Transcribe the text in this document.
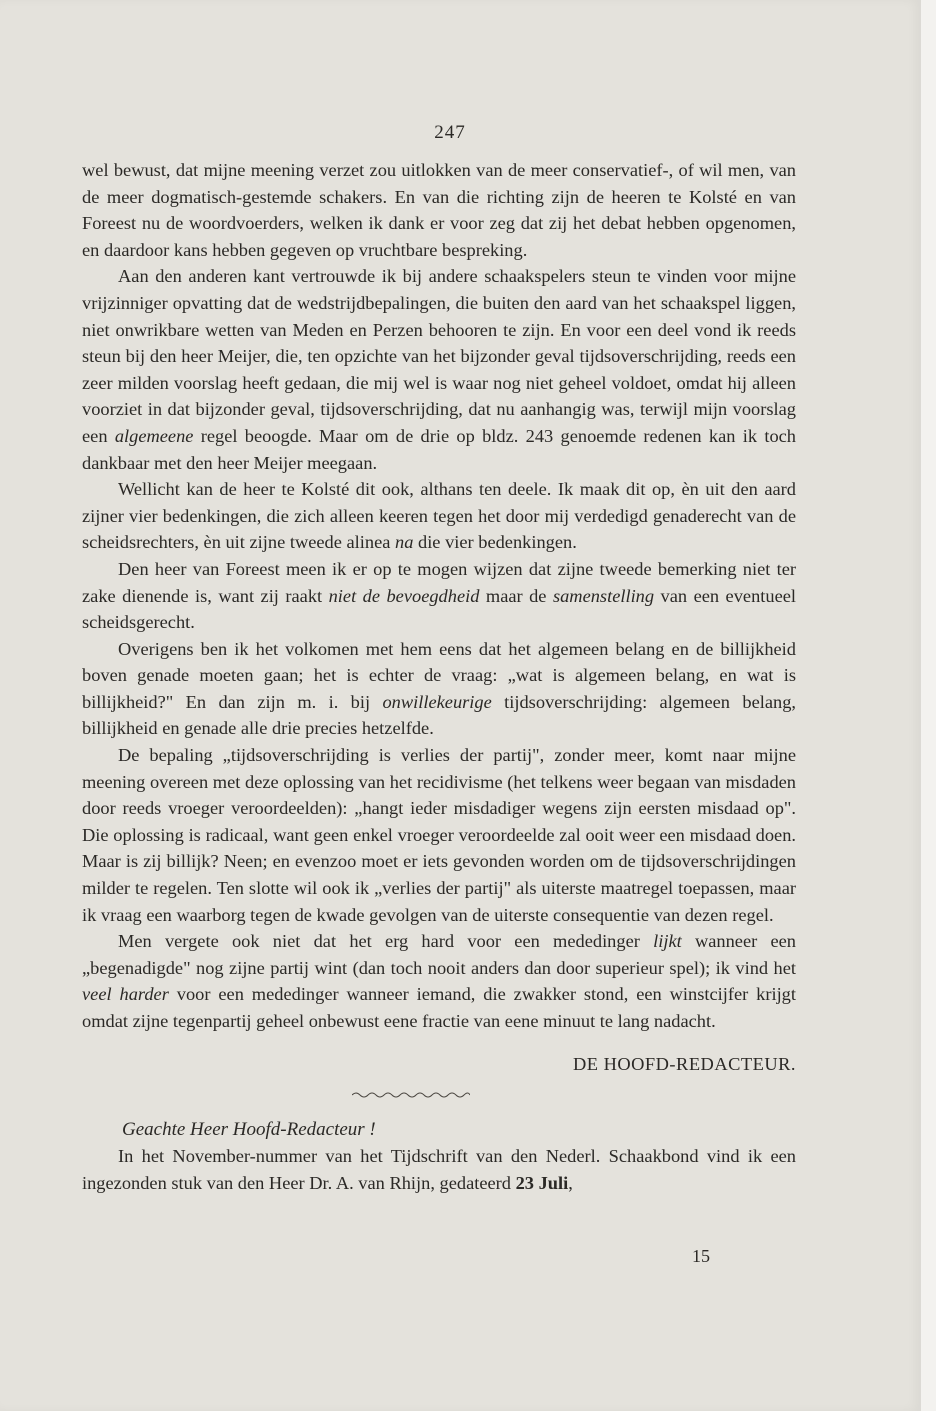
247

wel bewust, dat mijne meening verzet zou uitlokken van de meer conservatief-, of wil men, van de meer dogmatisch-gestemde schakers. En van die richting zijn de heeren te Kolsté en van Foreest nu de woordvoerders, welken ik dank er voor zeg dat zij het debat hebben opgenomen, en daardoor kans hebben gegeven op vruchtbare bespreking.

Aan den anderen kant vertrouwde ik bij andere schaakspelers steun te vinden voor mijne vrijzinniger opvatting dat de wedstrijdbepalingen, die buiten den aard van het schaakspel liggen, niet onwrikbare wetten van Meden en Perzen behooren te zijn. En voor een deel vond ik reeds steun bij den heer Meijer, die, ten opzichte van het bijzonder geval tijdsoverschrijding, reeds een zeer milden voorslag heeft gedaan, die mij wel is waar nog niet geheel voldoet, omdat hij alleen voorziet in dat bijzonder geval, tijdsoverschrijding, dat nu aanhangig was, terwijl mijn voorslag een algemeene regel beoogde. Maar om de drie op bldz. 243 genoemde redenen kan ik toch dankbaar met den heer Meijer meegaan.

Wellicht kan de heer te Kolsté dit ook, althans ten deele. Ik maak dit op, èn uit den aard zijner vier bedenkingen, die zich alleen keeren tegen het door mij verdedigd genaderecht van de scheidsrechters, èn uit zijne tweede alinea na die vier bedenkingen.

Den heer van Foreest meen ik er op te mogen wijzen dat zijne tweede bemerking niet ter zake dienende is, want zij raakt niet de bevoegdheid maar de samenstelling van een eventueel scheidsgerecht.

Overigens ben ik het volkomen met hem eens dat het algemeen belang en de billijkheid boven genade moeten gaan; het is echter de vraag: „wat is algemeen belang, en wat is billijkheid?" En dan zijn m. i. bij onwillekeurige tijdsoverschrijding: algemeen belang, billijkheid en genade alle drie precies hetzelfde.

De bepaling „tijdsoverschrijding is verlies der partij", zonder meer, komt naar mijne meening overeen met deze oplossing van het recidivisme (het telkens weer begaan van misdaden door reeds vroeger veroordeelden): „hangt ieder misdadiger wegens zijn eersten misdaad op". Die oplossing is radicaal, want geen enkel vroeger veroordeelde zal ooit weer een misdaad doen. Maar is zij billijk? Neen; en evenzoo moet er iets gevonden worden om de tijdsoverschrijdingen milder te regelen. Ten slotte wil ook ik „verlies der partij" als uiterste maatregel toepassen, maar ik vraag een waarborg tegen de kwade gevolgen van de uiterste consequentie van dezen regel.

Men vergete ook niet dat het erg hard voor een mededinger lijkt wanneer een „begenadigde" nog zijne partij wint (dan toch nooit anders dan door superieur spel); ik vind het veel harder voor een mededinger wanneer iemand, die zwakker stond, een winstcijfer krijgt omdat zijne tegenpartij geheel onbewust eene fractie van eene minuut te lang nadacht.

DE HOOFD-REDACTEUR.
Geachte Heer Hoofd-Redacteur !

In het November-nummer van het Tijdschrift van den Nederl. Schaakbond vind ik een ingezonden stuk van den Heer Dr. A. van Rhijn, gedateerd 23 Juli,

15
